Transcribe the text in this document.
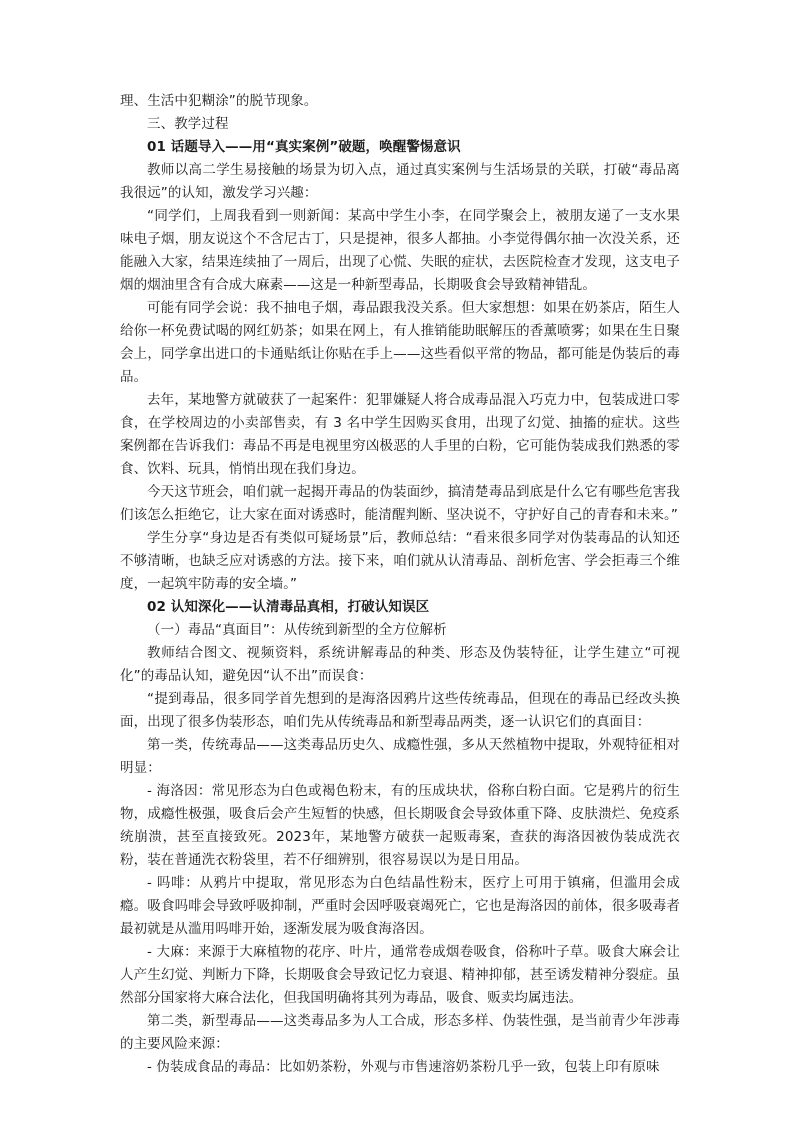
理、生活中犯糊涂”的脱节现象。

三、教学过程

01 话题导入——用“真实案例”破题，唤醒警惕意识

教师以高二学生易接触的场景为切入点，通过真实案例与生活场景的关联，打破“毒品离我很远”的认知，激发学习兴趣：

“同学们，上周我看到一则新闻：某高中学生小李，在同学聚会上，被朋友递了一支水果味电子烟，朋友说这个不含尼古丁，只是提神，很多人都抽。小李觉得偶尔抽一次没关系，还能融入大家，结果连续抽了一周后，出现了心慌、失眠的症状，去医院检查才发现，这支电子烟的烟油里含有合成大麻素——这是一种新型毒品，长期吸食会导致精神错乱。

可能有同学会说：我不抽电子烟，毒品跟我没关系。但大家想想：如果在奶茶店，陌生人给你一杯免费试喝的网红奶茶；如果在网上，有人推销能助眠解压的香薰喷雾；如果在生日聚会上，同学拿出进口的卡通贴纸让你贴在手上——这些看似平常的物品，都可能是伪装后的毒品。

去年，某地警方就破获了一起案件：犯罪嫌疑人将合成毒品混入巧克力中，包装成进口零食，在学校周边的小卖部售卖，有 3 名中学生因购买食用，出现了幻觉、抽搐的症状。这些案例都在告诉我们：毒品不再是电视里穷凶极恶的人手里的白粉，它可能伪装成我们熟悉的零食、饮料、玩具，悄悄出现在我们身边。

今天这节班会，咱们就一起揭开毒品的伪装面纱，搞清楚毒品到底是什么它有哪些危害我们该怎么拒绝它，让大家在面对诱惑时，能清醒判断、坚决说不，守护好自己的青春和未来。”

学生分享“身边是否有类似可疑场景”后，教师总结：“看来很多同学对伪装毒品的认知还不够清晰，也缺乏应对诱惑的方法。接下来，咱们就从认清毒品、剖析危害、学会拒毒三个维度，一起筑牢防毒的安全墙。”

02 认知深化——认清毒品真相，打破认知误区

（一）毒品“真面目”：从传统到新型的全方位解析

教师结合图文、视频资料，系统讲解毒品的种类、形态及伪装特征，让学生建立“可视化”的毒品认知，避免因“认不出”而误食：

“提到毒品，很多同学首先想到的是海洛因鸦片这些传统毒品，但现在的毒品已经改头换面，出现了很多伪装形态，咱们先从传统毒品和新型毒品两类，逐一认识它们的真面目：

第一类，传统毒品——这类毒品历史久、成瘾性强，多从天然植物中提取，外观特征相对明显：

- 海洛因：常见形态为白色或褐色粉末，有的压成块状，俗称白粉白面。它是鸦片的衍生物，成瘾性极强，吸食后会产生短暂的快感，但长期吸食会导致体重下降、皮肤溃烂、免疫系统崩溃，甚至直接致死。2023年，某地警方破获一起贩毒案，查获的海洛因被伪装成洗衣粉，装在普通洗衣粉袋里，若不仔细辨别，很容易误以为是日用品。

- 吗啡：从鸦片中提取，常见形态为白色结晶性粉末，医疗上可用于镇痛，但滥用会成瘾。吸食吗啡会导致呼吸抑制，严重时会因呼吸衰竭死亡，它也是海洛因的前体，很多吸毒者最初就是从滥用吗啡开始，逐渐发展为吸食海洛因。

- 大麻：来源于大麻植物的花序、叶片，通常卷成烟卷吸食，俗称叶子草。吸食大麻会让人产生幻觉、判断力下降，长期吸食会导致记忆力衰退、精神抑郁，甚至诱发精神分裂症。虽然部分国家将大麻合法化，但我国明确将其列为毒品，吸食、贩卖均属违法。

第二类，新型毒品——这类毒品多为人工合成，形态多样、伪装性强，是当前青少年涉毒的主要风险来源：

- 伪装成食品的毒品：比如奶茶粉，外观与市售速溶奶茶粉几乎一致，包装上印有原味
